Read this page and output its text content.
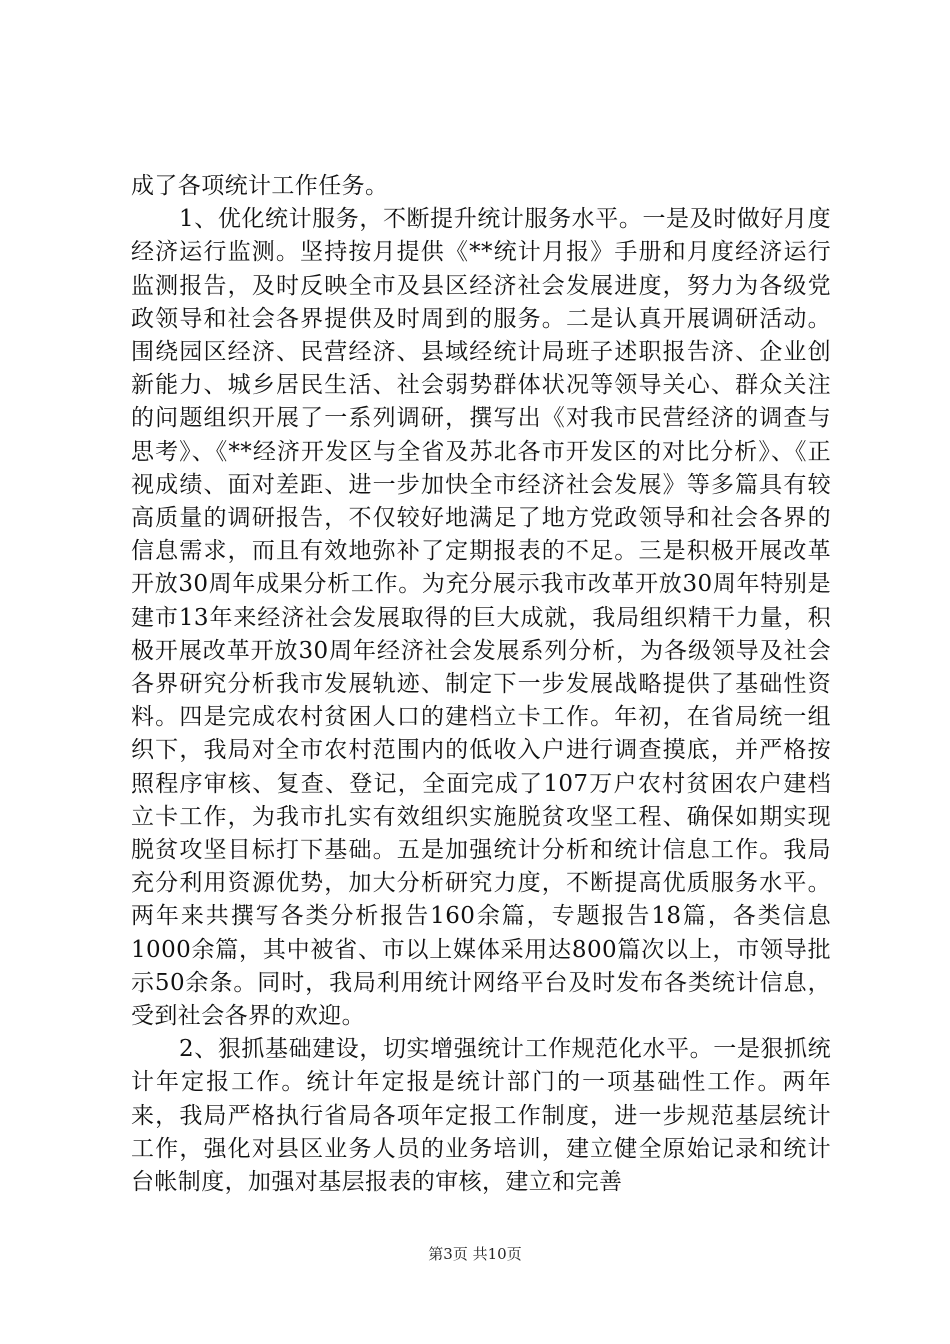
成了各项统计工作任务。

1、优化统计服务，不断提升统计服务水平。一是及时做好月度经济运行监测。坚持按月提供《**统计月报》手册和月度经济运行监测报告，及时反映全市及县区经济社会发展进度，努力为各级党政领导和社会各界提供及时周到的服务。二是认真开展调研活动。围绕园区经济、民营经济、县域经统计局班子述职报告济、企业创新能力、城乡居民生活、社会弱势群体状况等领导关心、群众关注的问题组织开展了一系列调研，撰写出《对我市民营经济的调查与思考》、《**经济开发区与全省及苏北各市开发区的对比分析》、《正视成绩、面对差距、进一步加快全市经济社会发展》等多篇具有较高质量的调研报告，不仅较好地满足了地方党政领导和社会各界的信息需求，而且有效地弥补了定期报表的不足。三是积极开展改革开放30周年成果分析工作。为充分展示我市改革开放30周年特别是建市13年来经济社会发展取得的巨大成就，我局组织精干力量，积极开展改革开放30周年经济社会发展系列分析，为各级领导及社会各界研究分析我市发展轨迹、制定下一步发展战略提供了基础性资料。四是完成农村贫困人口的建档立卡工作。年初，在省局统一组织下，我局对全市农村范围内的低收入户进行调查摸底，并严格按照程序审核、复查、登记，全面完成了107万户农村贫困农户建档立卡工作，为我市扎实有效组织实施脱贫攻坚工程、确保如期实现脱贫攻坚目标打下基础。五是加强统计分析和统计信息工作。我局充分利用资源优势，加大分析研究力度，不断提高优质服务水平。两年来共撰写各类分析报告160余篇，专题报告18篇，各类信息1000余篇，其中被省、市以上媒体采用达800篇次以上，市领导批示50余条。同时，我局利用统计网络平台及时发布各类统计信息，受到社会各界的欢迎。

2、狠抓基础建设，切实增强统计工作规范化水平。一是狠抓统计年定报工作。统计年定报是统计部门的一项基础性工作。两年来，我局严格执行省局各项年定报工作制度，进一步规范基层统计工作，强化对县区业务人员的业务培训，建立健全原始记录和统计台帐制度，加强对基层报表的审核，建立和完善

第3页 共10页
